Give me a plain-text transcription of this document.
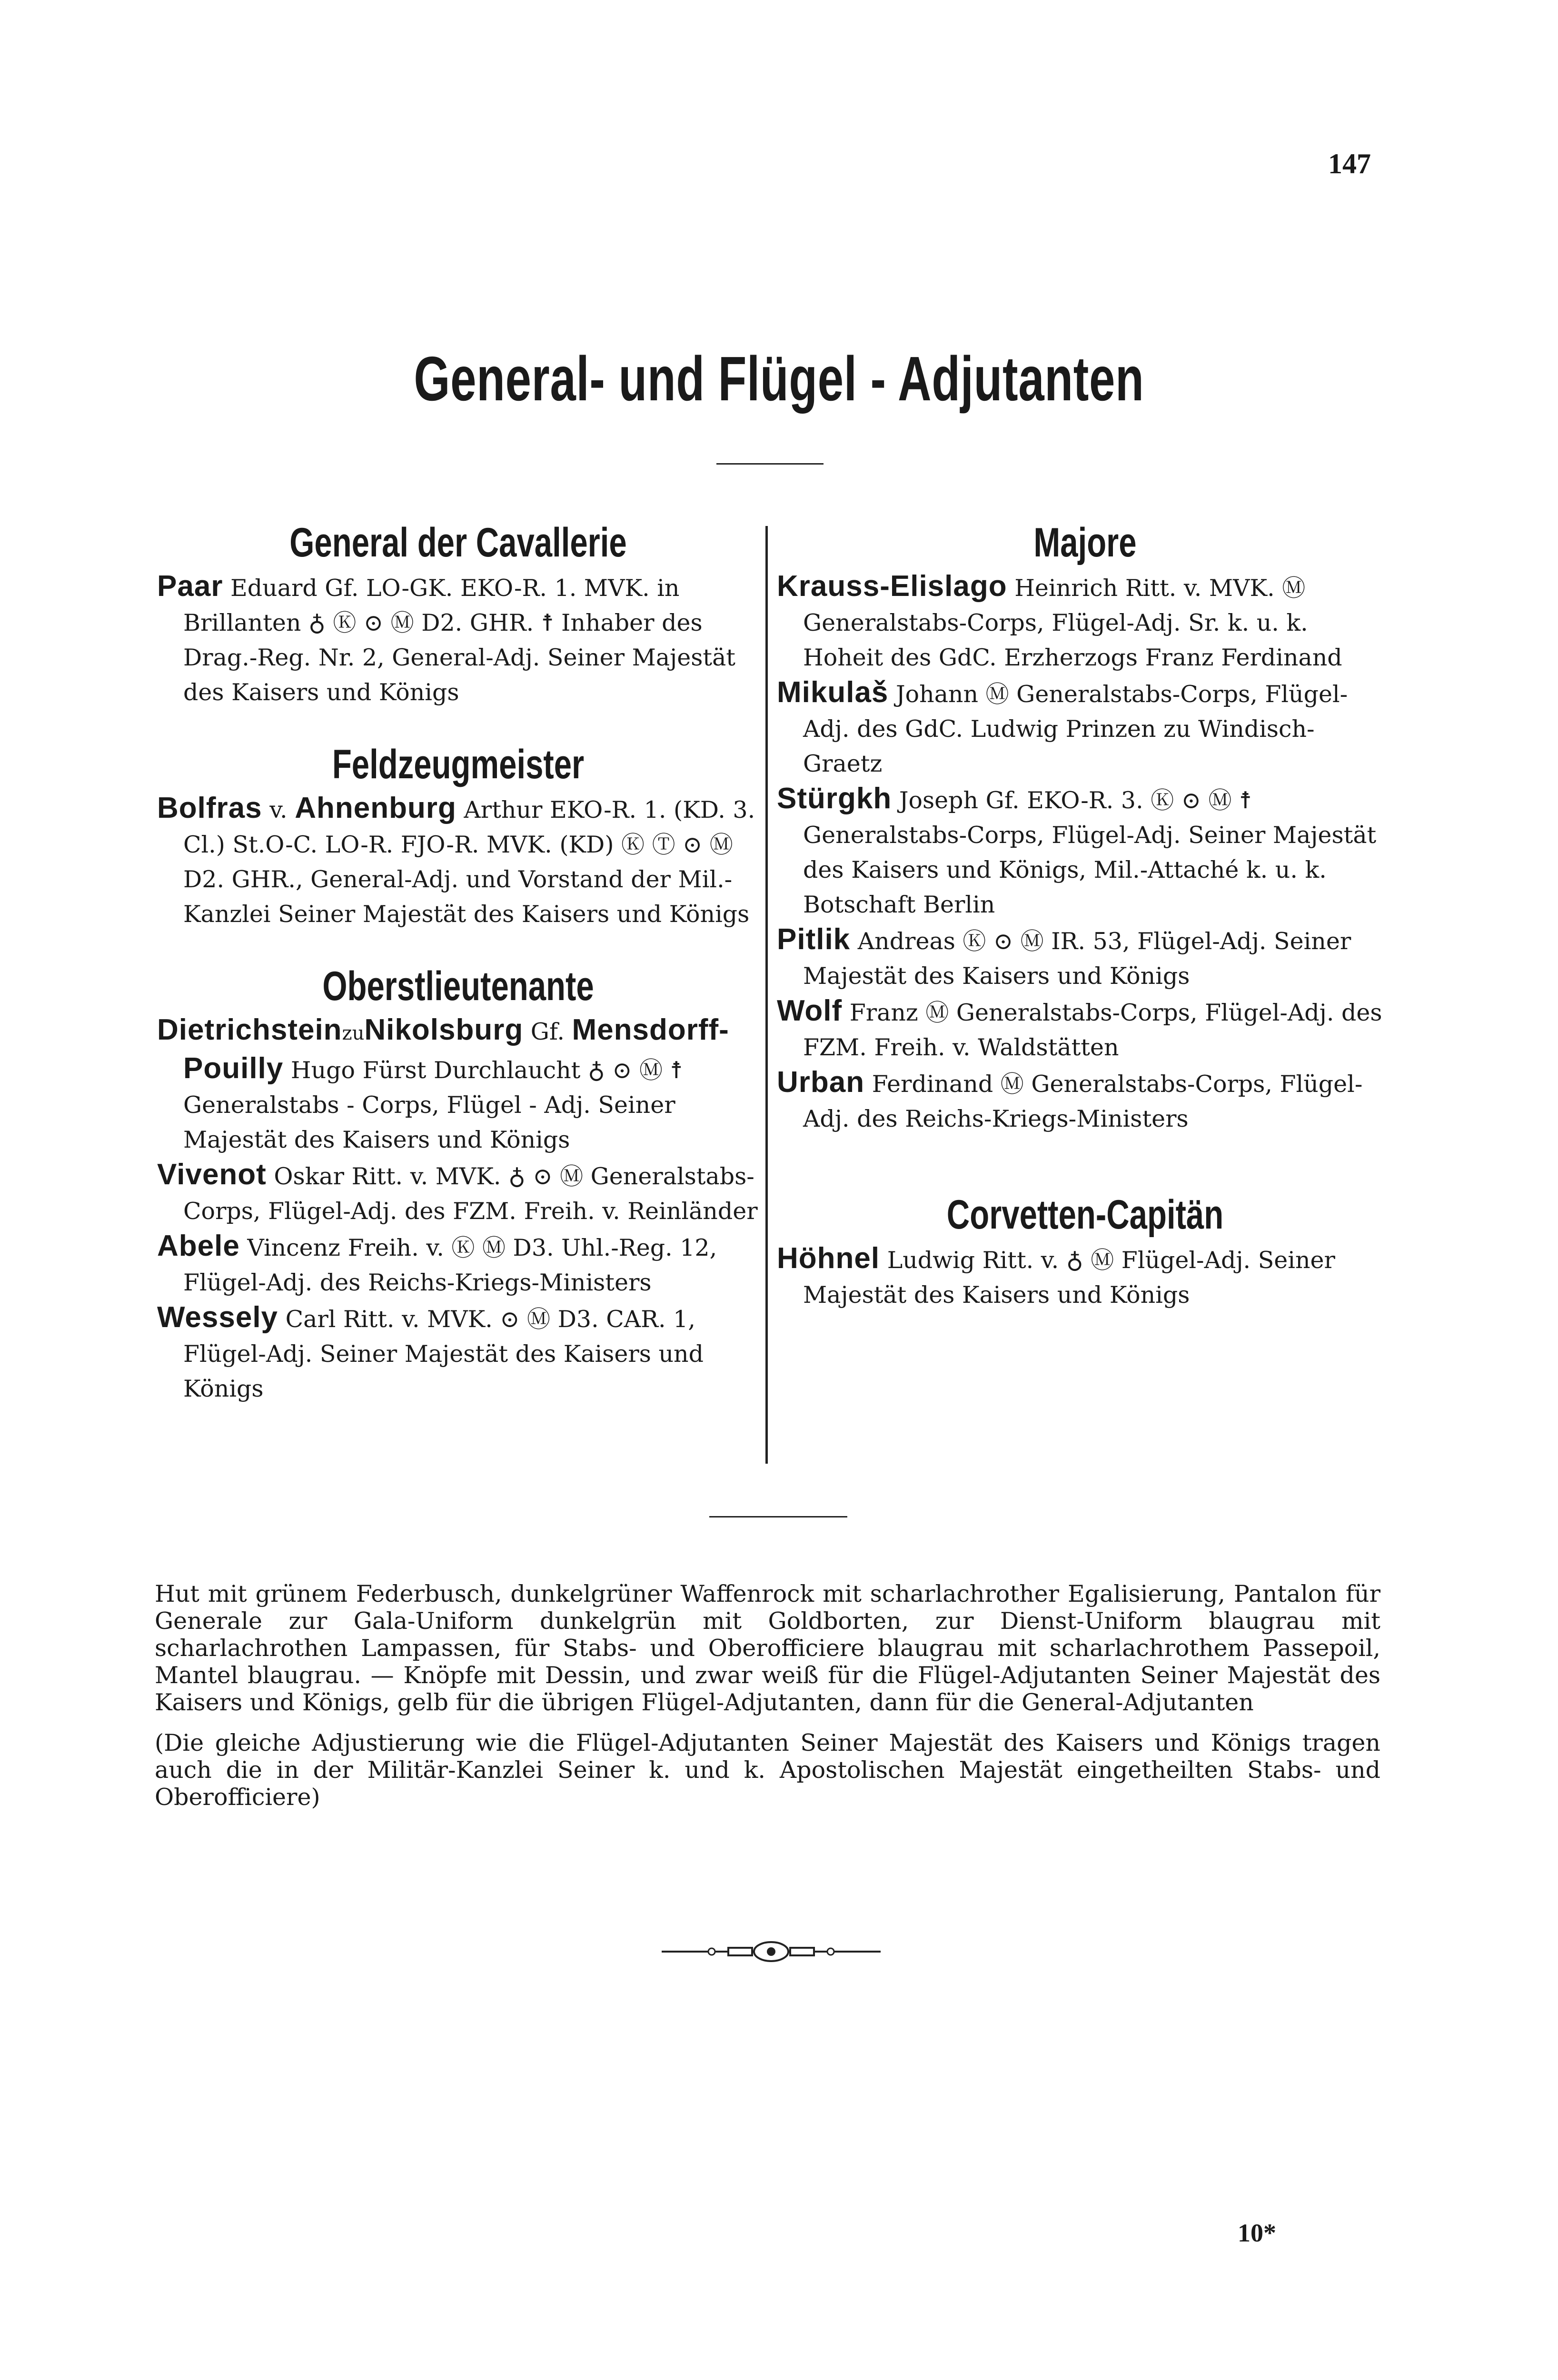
147
General- und Flügel - Adjutanten
General der Cavallerie

Paar Eduard Gf. LO-GK. EKO-R. 1. MVK. in Brillanten ♁ Ⓚ ⊙ Ⓜ D2. GHR. ☨ Inhaber des Drag.-Reg. Nr. 2, General-Adj. Seiner Majestät des Kaisers und Königs

Feldzeugmeister

Bolfras v. Ahnenburg Arthur EKO-R. 1. (KD. 3. Cl.) St.O-C. LO-R. FJO-R. MVK. (KD) Ⓚ Ⓣ ⊙ Ⓜ D2. GHR., General-Adj. und Vorstand der Mil.-Kanzlei Seiner Majestät des Kaisers und Königs

Oberstlieutenante

DietrichsteinzuNikolsburg Gf. Mensdorff-Pouilly Hugo Fürst Durchlaucht ♁ ⊙ Ⓜ ☨ Generalstabs - Corps, Flügel - Adj. Seiner Majestät des Kaisers und Königs

Vivenot Oskar Ritt. v. MVK. ♁ ⊙ Ⓜ Generalstabs-Corps, Flügel-Adj. des FZM. Freih. v. Reinländer

Abele Vincenz Freih. v. Ⓚ Ⓜ D3. Uhl.-Reg. 12, Flügel-Adj. des Reichs-Kriegs-Ministers

Wessely Carl Ritt. v. MVK. ⊙ Ⓜ D3. CAR. 1, Flügel-Adj. Seiner Majestät des Kaisers und Königs

Majore

Krauss-Elislago Heinrich Ritt. v. MVK. Ⓜ Generalstabs-Corps, Flügel-Adj. Sr. k. u. k. Hoheit des GdC. Erzherzogs Franz Ferdinand

Mikulaš Johann Ⓜ Generalstabs-Corps, Flügel-Adj. des GdC. Ludwig Prinzen zu Windisch-Graetz

Stürgkh Joseph Gf. EKO-R. 3. Ⓚ ⊙ Ⓜ ☨ Generalstabs-Corps, Flügel-Adj. Seiner Majestät des Kaisers und Königs, Mil.-Attaché k. u. k. Botschaft Berlin

Pitlik Andreas Ⓚ ⊙ Ⓜ IR. 53, Flügel-Adj. Seiner Majestät des Kaisers und Königs

Wolf Franz Ⓜ Generalstabs-Corps, Flügel-Adj. des FZM. Freih. v. Waldstätten

Urban Ferdinand Ⓜ Generalstabs-Corps, Flügel-Adj. des Reichs-Kriegs-Ministers

Corvetten-Capitän

Höhnel Ludwig Ritt. v. ♁ Ⓜ Flügel-Adj. Seiner Majestät des Kaisers und Königs

Hut mit grünem Federbusch, dunkelgrüner Waffenrock mit scharlachrother Egalisierung, Pantalon für Generale zur Gala-Uniform dunkelgrün mit Goldborten, zur Dienst-Uniform blaugrau mit scharlachrothen Lampassen, für Stabs- und Oberofficiere blaugrau mit scharlachrothem Passepoil, Mantel blaugrau. — Knöpfe mit Dessin, und zwar weiß für die Flügel-Adjutanten Seiner Majestät des Kaisers und Königs, gelb für die übrigen Flügel-Adjutanten, dann für die General-Adjutanten

(Die gleiche Adjustierung wie die Flügel-Adjutanten Seiner Majestät des Kaisers und Königs tragen auch die in der Militär-Kanzlei Seiner k. und k. Apostolischen Majestät eingetheilten Stabs- und Oberofficiere)

10*
